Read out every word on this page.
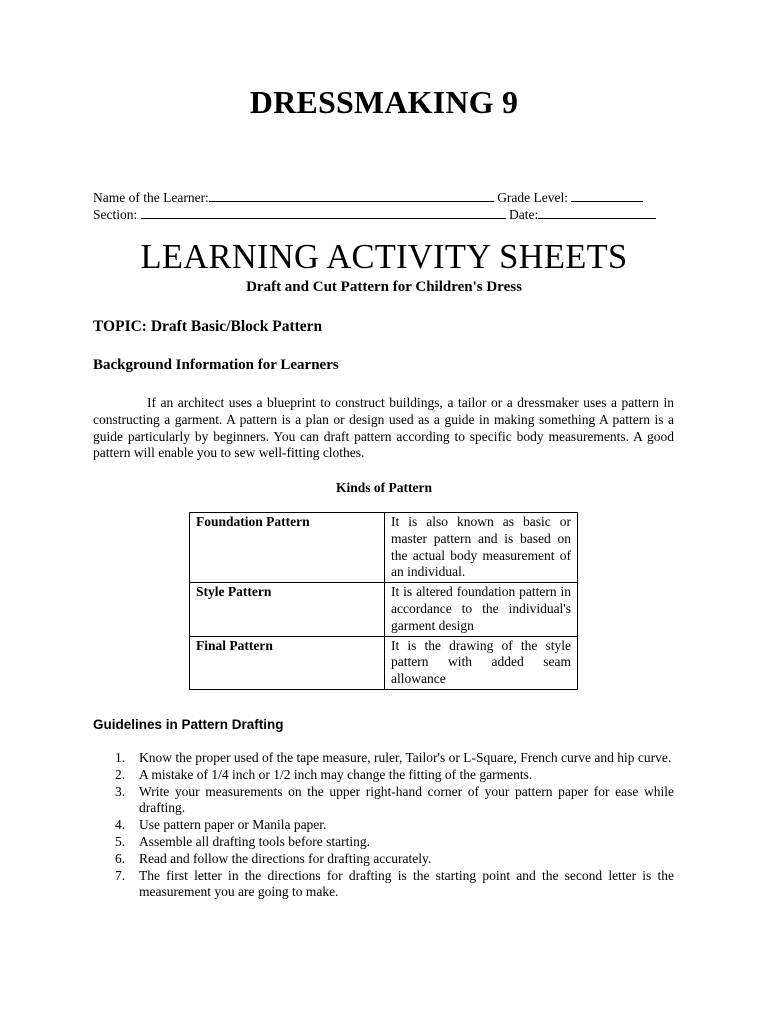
DRESSMAKING 9
Name of the Learner:	Grade Level:
Section:	Date:
LEARNING ACTIVITY SHEETS
Draft and Cut Pattern for Children's Dress
TOPIC: Draft Basic/Block Pattern
Background Information for Learners
If an architect uses a blueprint to construct buildings, a tailor or a dressmaker uses a pattern in constructing a garment. A pattern is a plan or design used as a guide in making something A pattern is a guide particularly by beginners. You can draft pattern according to specific body measurements. A good pattern will enable you to sew well-fitting clothes.
Kinds of Pattern
Foundation Pattern	It is also known as basic or master pattern and is based on the actual body measurement of an individual.
Style Pattern	It is altered foundation pattern in accordance to the individual's garment design
Final Pattern	It is the drawing of the style pattern with added seam allowance
Guidelines in Pattern Drafting
1. Know the proper used of the tape measure, ruler, Tailor's or L-Square, French curve and hip curve.
2. A mistake of 1/4 inch or 1/2 inch may change the fitting of the garments.
3. Write your measurements on the upper right-hand corner of your pattern paper for ease while drafting.
4. Use pattern paper or Manila paper.
5. Assemble all drafting tools before starting.
6. Read and follow the directions for drafting accurately.
7. The first letter in the directions for drafting is the starting point and the second letter is the measurement you are going to make.
